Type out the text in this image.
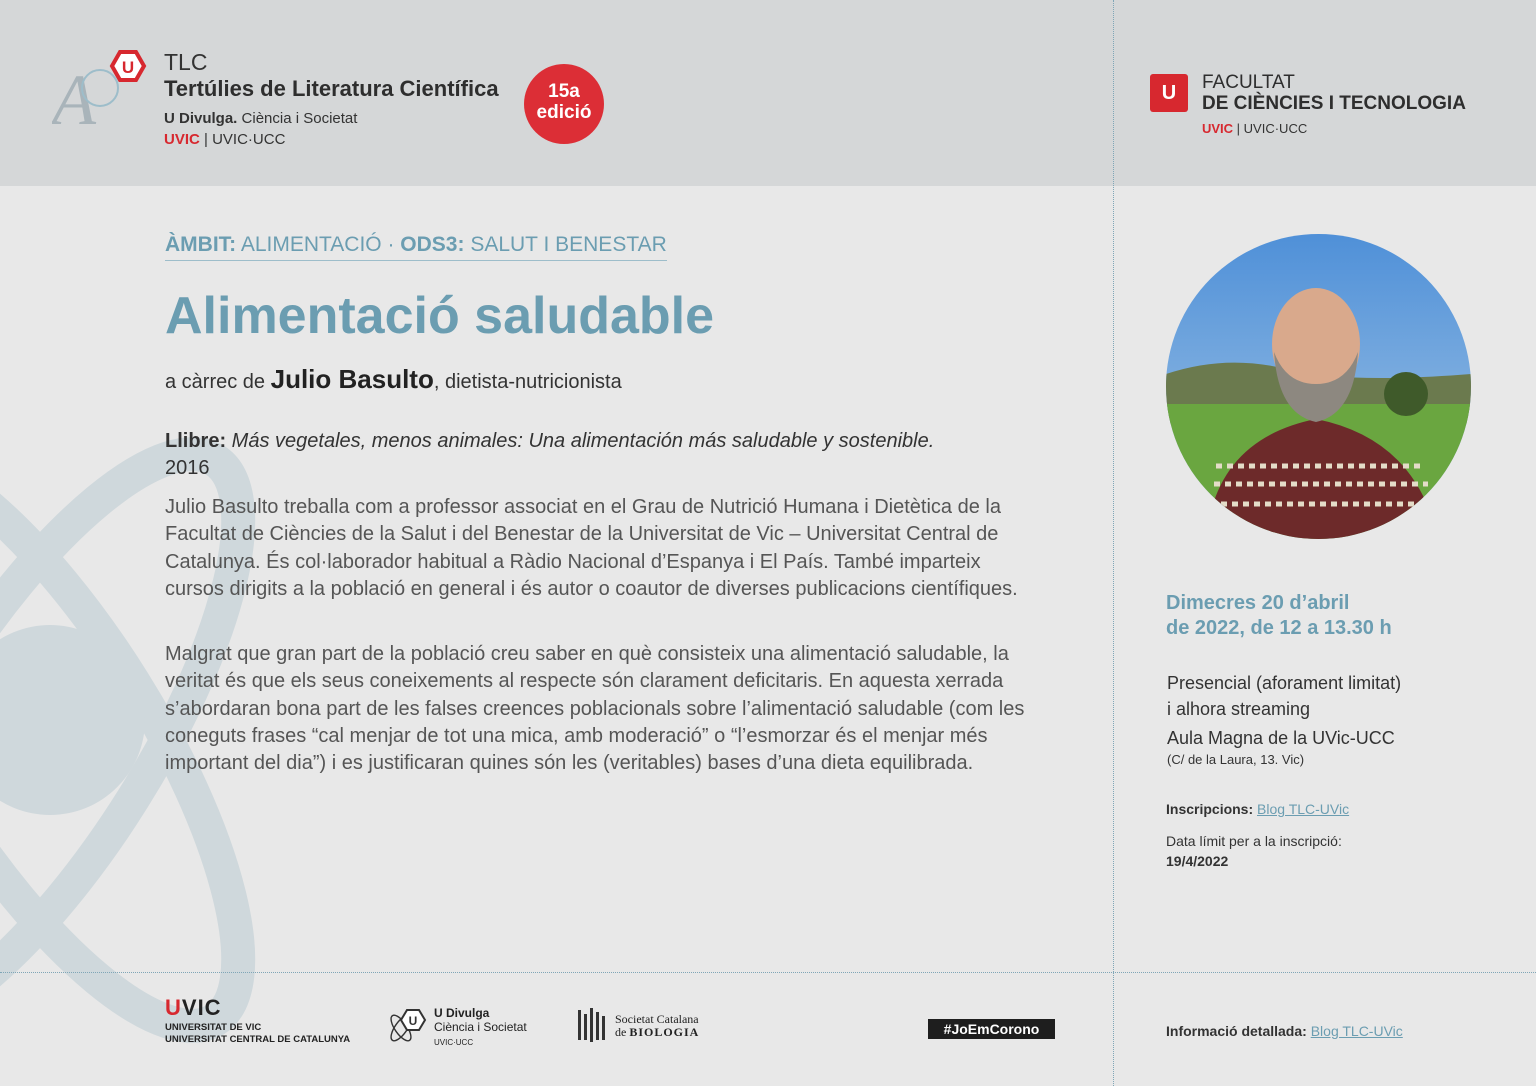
A U TLC
Tertúlies de Literatura Científica
U Divulga. Ciència i Societat
UVIC | UVIC·UCC
15a
edició
U	FACULTAT
DE CIÈNCIES I TECNOLOGIA
UVIC | UVIC·UCC
ÀMBIT: ALIMENTACIÓ · ODS3: SALUT I BENESTAR
Alimentació saludable
a càrrec de Julio Basulto, dietista-nutricionista
Llibre: Más vegetales, menos animales: Una alimentación más saludable y sostenible.
2016

Julio Basulto treballa com a professor associat en el Grau de Nutrició Humana i Dietètica de la Facultat de Ciències de la Salut i del Benestar de la Universitat de Vic – Universitat Central de Catalunya. És col·laborador habitual a Ràdio Nacional d’Espanya i El País. També imparteix cursos dirigits a la població en general i és autor o coautor de diverses publicacions científiques.

Malgrat que gran part de la població creu saber en què consisteix una alimentació saludable, la veritat és que els seus coneixements al respecte són clarament deficitaris. En aquesta xerrada s’abordaran bona part de les falses creences poblacionals sobre l’alimentació saludable (com les coneguts frases “cal menjar de tot una mica, amb moderació” o “l’esmorzar és el menjar més important del dia”) i es justificaran quines són les (veritables) bases d’una dieta equilibrada.

Dimecres 20 d’abril
de 2022, de 12 a 13.30 h
Presencial (aforament limitat)
i alhora streaming
Aula Magna de la UVic-UCC
(C/ de la Laura, 13. Vic)
Inscripcions: Blog TLC-UVic
Data límit per a la inscripció:
19/4/2022
UVIC
UNIVERSITAT DE VIC
UNIVERSITAT CENTRAL DE CATALUNYA
U
U Divulga
Ciència i Societat
UVIC·UCC
Societat Catalana
de BIOLOGIA	#JoEmCorono	Informació detallada: Blog TLC-UVic
